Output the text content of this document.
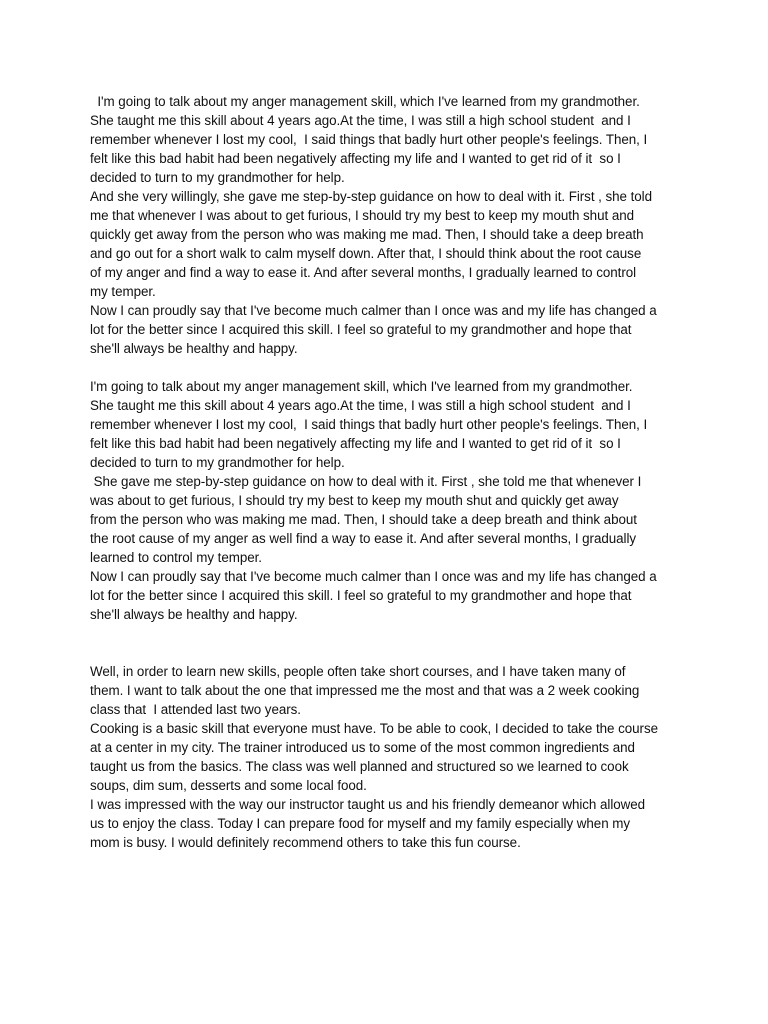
I'm going to talk about my anger management skill, which I've learned from my grandmother.
She taught me this skill about 4 years ago.At the time, I was still a high school student  and I
remember whenever I lost my cool,  I said things that badly hurt other people's feelings. Then, I
felt like this bad habit had been negatively affecting my life and I wanted to get rid of it  so I
decided to turn to my grandmother for help.
And she very willingly, she gave me step-by-step guidance on how to deal with it. First , she told
me that whenever I was about to get furious, I should try my best to keep my mouth shut and
quickly get away from the person who was making me mad. Then, I should take a deep breath
and go out for a short walk to calm myself down. After that, I should think about the root cause
of my anger and find a way to ease it. And after several months, I gradually learned to control
my temper.
Now I can proudly say that I've become much calmer than I once was and my life has changed a
lot for the better since I acquired this skill. I feel so grateful to my grandmother and hope that
she'll always be healthy and happy.
I'm going to talk about my anger management skill, which I've learned from my grandmother.
She taught me this skill about 4 years ago.At the time, I was still a high school student  and I
remember whenever I lost my cool,  I said things that badly hurt other people's feelings. Then, I
felt like this bad habit had been negatively affecting my life and I wanted to get rid of it  so I
decided to turn to my grandmother for help.
She gave me step-by-step guidance on how to deal with it. First , she told me that whenever I
was about to get furious, I should try my best to keep my mouth shut and quickly get away
from the person who was making me mad. Then, I should take a deep breath and think about
the root cause of my anger as well find a way to ease it. And after several months, I gradually
learned to control my temper.
Now I can proudly say that I've become much calmer than I once was and my life has changed a
lot for the better since I acquired this skill. I feel so grateful to my grandmother and hope that
she'll always be healthy and happy.
Well, in order to learn new skills, people often take short courses, and I have taken many of
them. I want to talk about the one that impressed me the most and that was a 2 week cooking
class that  I attended last two years.
Cooking is a basic skill that everyone must have. To be able to cook, I decided to take the course
at a center in my city. The trainer introduced us to some of the most common ingredients and
taught us from the basics. The class was well planned and structured so we learned to cook
soups, dim sum, desserts and some local food.
I was impressed with the way our instructor taught us and his friendly demeanor which allowed
us to enjoy the class. Today I can prepare food for myself and my family especially when my
mom is busy. I would definitely recommend others to take this fun course.
